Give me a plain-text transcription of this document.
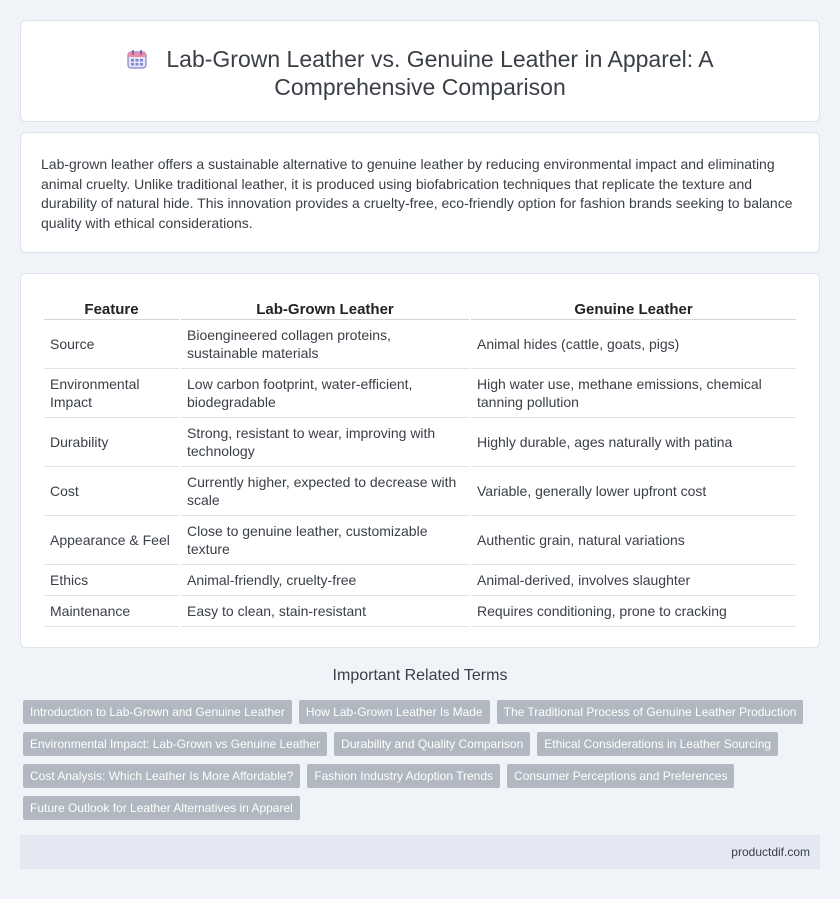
Lab-Grown Leather vs. Genuine Leather in Apparel: A Comprehensive Comparison

Lab-grown leather offers a sustainable alternative to genuine leather by reducing environmental impact and eliminating animal cruelty. Unlike traditional leather, it is produced using biofabrication techniques that replicate the texture and durability of natural hide. This innovation provides a cruelty-free, eco-friendly option for fashion brands seeking to balance quality with ethical considerations.

Feature	Lab-Grown Leather	Genuine Leather
Source	Bioengineered collagen proteins, sustainable materials	Animal hides (cattle, goats, pigs)
Environmental Impact	Low carbon footprint, water-efficient, biodegradable	High water use, methane emissions, chemical tanning pollution
Durability	Strong, resistant to wear, improving with technology	Highly durable, ages naturally with patina
Cost	Currently higher, expected to decrease with scale	Variable, generally lower upfront cost
Appearance & Feel	Close to genuine leather, customizable texture	Authentic grain, natural variations
Ethics	Animal-friendly, cruelty-free	Animal-derived, involves slaughter
Maintenance	Easy to clean, stain-resistant	Requires conditioning, prone to cracking
Important Related Terms
Introduction to Lab-Grown and Genuine Leather	How Lab-Grown Leather Is Made	The Traditional Process of Genuine Leather Production
Environmental Impact: Lab-Grown vs Genuine Leather	Durability and Quality Comparison	Ethical Considerations in Leather Sourcing
Cost Analysis: Which Leather Is More Affordable?	Fashion Industry Adoption Trends	Consumer Perceptions and Preferences
Future Outlook for Leather Alternatives in Apparel
productdif.com
